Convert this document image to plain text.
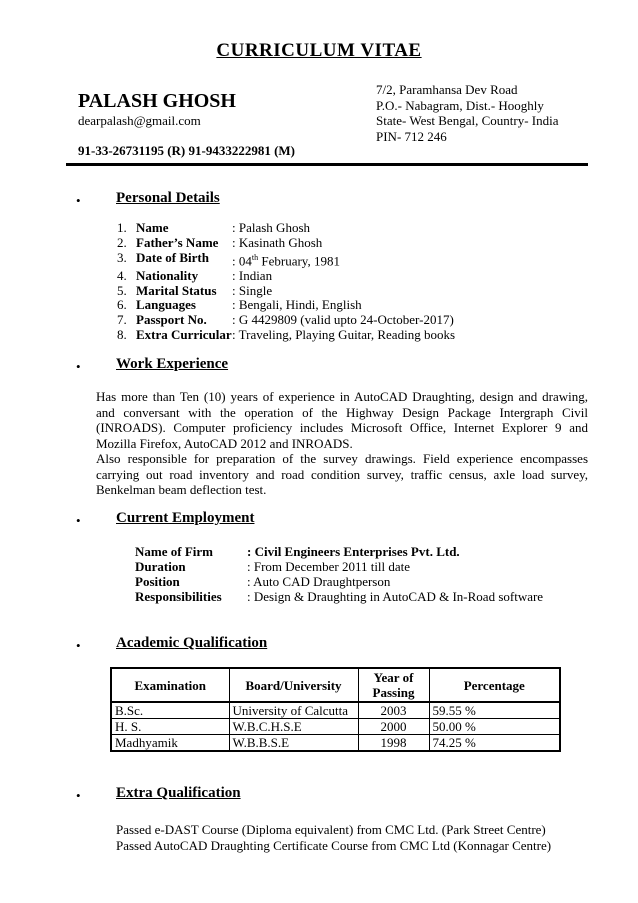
CURRICULUM VITAE
PALASH GHOSH
dearpalash@gmail.com
91-33-26731195 (R) 91-9433222981 (M)
7/2, Paramhansa Dev Road
P.O.- Nabagram, Dist.- Hooghly
State- West Bengal, Country- India
PIN- 712 246
• Personal Details
1. Name	: Palash Ghosh
2. Father’s Name	: Kasinath Ghosh
3. Date of Birth	: 04th February, 1981
4. Nationality	: Indian
5. Marital Status	: Single
6. Languages	: Bengali, Hindi, English
7. Passport No.	: G 4429809 (valid upto 24-October-2017)
8. Extra Curricular : Traveling, Playing Guitar, Reading books
• Work Experience

Has more than Ten (10) years of experience in AutoCAD Draughting, design and drawing, and conversant with the operation of the Highway Design Package Intergraph Civil (INROADS). Computer proficiency includes Microsoft Office, Internet Explorer 9 and Mozilla Firefox, AutoCAD 2012 and INROADS.

Also responsible for preparation of the survey drawings. Field experience encompasses carrying out road inventory and road condition survey, traffic census, axle load survey, Benkelman beam deflection test.

• Current Employment
Name of Firm	: Civil Engineers Enterprises Pvt. Ltd.
Duration	: From December 2011 till date
Position	: Auto CAD Draughtperson
Responsibilities	: Design & Draughting in AutoCAD & In-Road software
• Academic Qualification
Examination	Board/University	Year of Passing	Percentage
B.Sc.	University of Calcutta	2003	59.55 %
H. S.	W.B.C.H.S.E	2000	50.00 %
Madhyamik	W.B.B.S.E	1998	74.25 %
• Extra Qualification
Passed e-DAST Course (Diploma equivalent) from CMC Ltd. (Park Street Centre)
Passed AutoCAD Draughting Certificate Course from CMC Ltd (Konnagar Centre)
